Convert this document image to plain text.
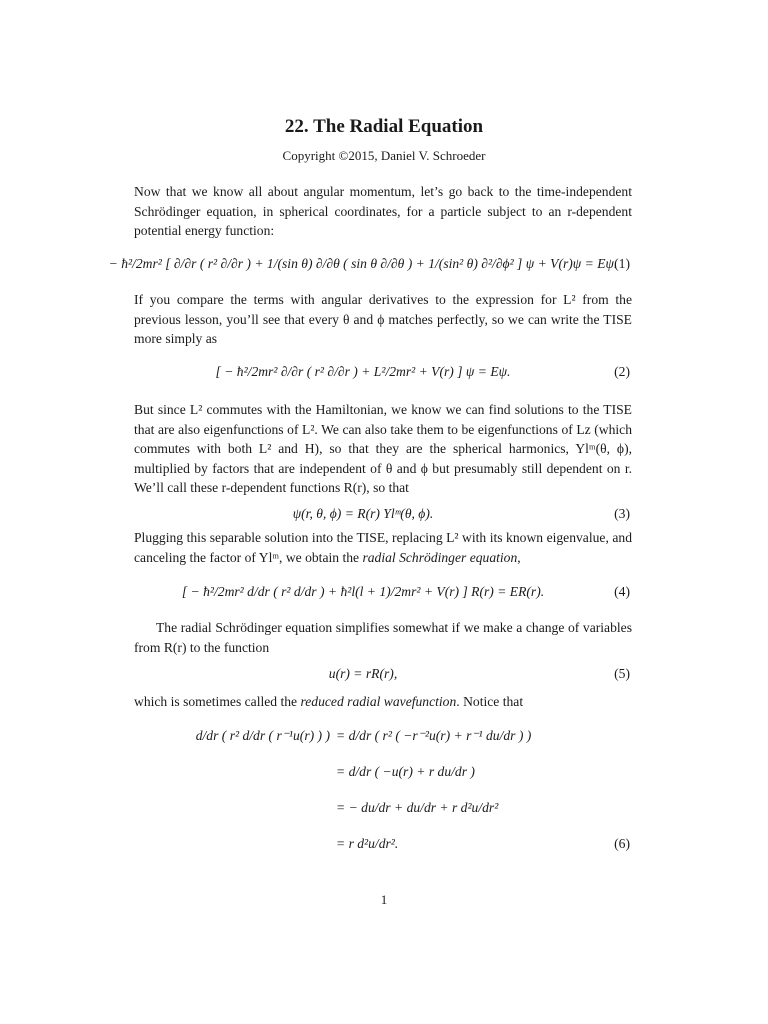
22. The Radial Equation
Copyright ©2015, Daniel V. Schroeder
Now that we know all about angular momentum, let’s go back to the time-independent Schrödinger equation, in spherical coordinates, for a particle subject to an r-dependent potential energy function:
− ħ²/2mr² [ ∂/∂r ( r² ∂/∂r ) + 1/(sin θ) ∂/∂θ ( sin θ ∂/∂θ ) + 1/(sin² θ) ∂²/∂ϕ² ] ψ + V(r)ψ = Eψ.
(1)
If you compare the terms with angular derivatives to the expression for L² from the previous lesson, you’ll see that every θ and ϕ matches perfectly, so we can write the TISE more simply as
[ − ħ²/2mr² ∂/∂r ( r² ∂/∂r ) + L²/2mr² + V(r) ] ψ = Eψ.	(2)
But since L² commutes with the Hamiltonian, we know we can find solutions to the TISE that are also eigenfunctions of L². We can also take them to be eigenfunctions of Lz (which commutes with both L² and H), so that they are the spherical harmonics, Ylᵐ(θ, ϕ), multiplied by factors that are independent of θ and ϕ but presumably still dependent on r. We’ll call these r-dependent functions R(r), so that
ψ(r, θ, ϕ) = R(r) Ylᵐ(θ, ϕ).	(3)
Plugging this separable solution into the TISE, replacing L² with its known eigenvalue, and canceling the factor of Ylᵐ, we obtain the radial Schrödinger equation,
[ − ħ²/2mr² d/dr ( r² d/dr ) + ħ²l(l + 1)/2mr² + V(r) ] R(r) = ER(r).	(4)
The radial Schrödinger equation simplifies somewhat if we make a change of variables from R(r) to the function
u(r) = rR(r),	(5)
which is sometimes called the reduced radial wavefunction. Notice that
d/dr ( r² d/dr ( r⁻¹u(r) ) ) = d/dr ( r² ( −r⁻²u(r) + r⁻¹ du/dr ) )
= d/dr ( −u(r) + r du/dr )
= − du/dr + du/dr + r d²u/dr²
= r d²u/dr².	(6)
1
